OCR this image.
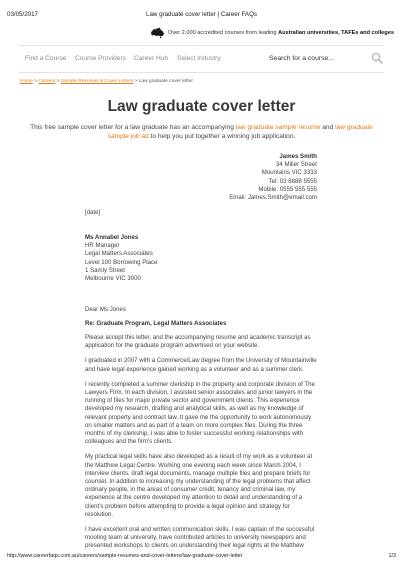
03/05/2017	Law graduate cover letter | Career FAQs
Over 2,000 accredited courses from leading Australian universities, TAFEs and colleges
Find a Course Course Providers Career Hub Select Industry
Search for a course...
Home > Careers > Sample Resumes & Cover Letters > Law graduate cover letter
Law graduate cover letter
This free sample cover letter for a law graduate has an accompanying law graduate sample resume and law graduate sample job ad to help you put together a winning job application.
James Smith
34 Miller Street
Mountains VIC 3333
Tel: 03 8888 5555
Mobile: 0555 555 555
Email: James.Smith@email.com
[date]
Ms Annabel Jones
HR Manager
Legal Matters Associates
Level 100 Borrowing Place
1 Samly Street
Melbourne VIC 3000
Dear Ms Jones
Re: Graduate Program, Legal Matters Associates

Please accept this letter, and the accompanying resume and academic transcript as application for the graduate program advertised on your website.

I graduated in 2007 with a Commerce/Law degree from the University of Mountainville and have legal experience gained working as a volunteer and as a summer clerk.

I recently completed a summer clerkship in the property and corporate division of The Lawyers Firm. In each division, I assisted senior associates and junior lawyers in the running of files for major private sector and government clients. This experience developed my research, drafting and analytical skills, as well as my knowledge of relevant property and contract law. It gave me the opportunity to work autonomously on smaller matters and as part of a team on more complex files. During the three months of my clerkship, I was able to foster successful working relationships with colleagues and the firm's clients.

My practical legal skills have also developed as a result of my work as a volunteer at the Matthew Legal Centre. Working one evening each week since March 2004, I interview clients, draft legal documents, manage multiple files and prepare briefs for counsel. In addition to increasing my understanding of the legal problems that affect ordinary people, in the areas of consumer credit, tenancy and criminal law, my experience at the centre developed my attention to detail and understanding of a client's problem before attempting to provide a legal opinion and strategy for resolution.

I have excellent oral and written communication skills. I was captain of the successful mooting team at university, have contributed articles to university newspapers and presented workshops to clients on understanding their legal rights at the Matthew

http://www.careerfaqs.com.au/careers/sample-resumes-and-cover-letters/law-graduate-cover-letter	1/3
